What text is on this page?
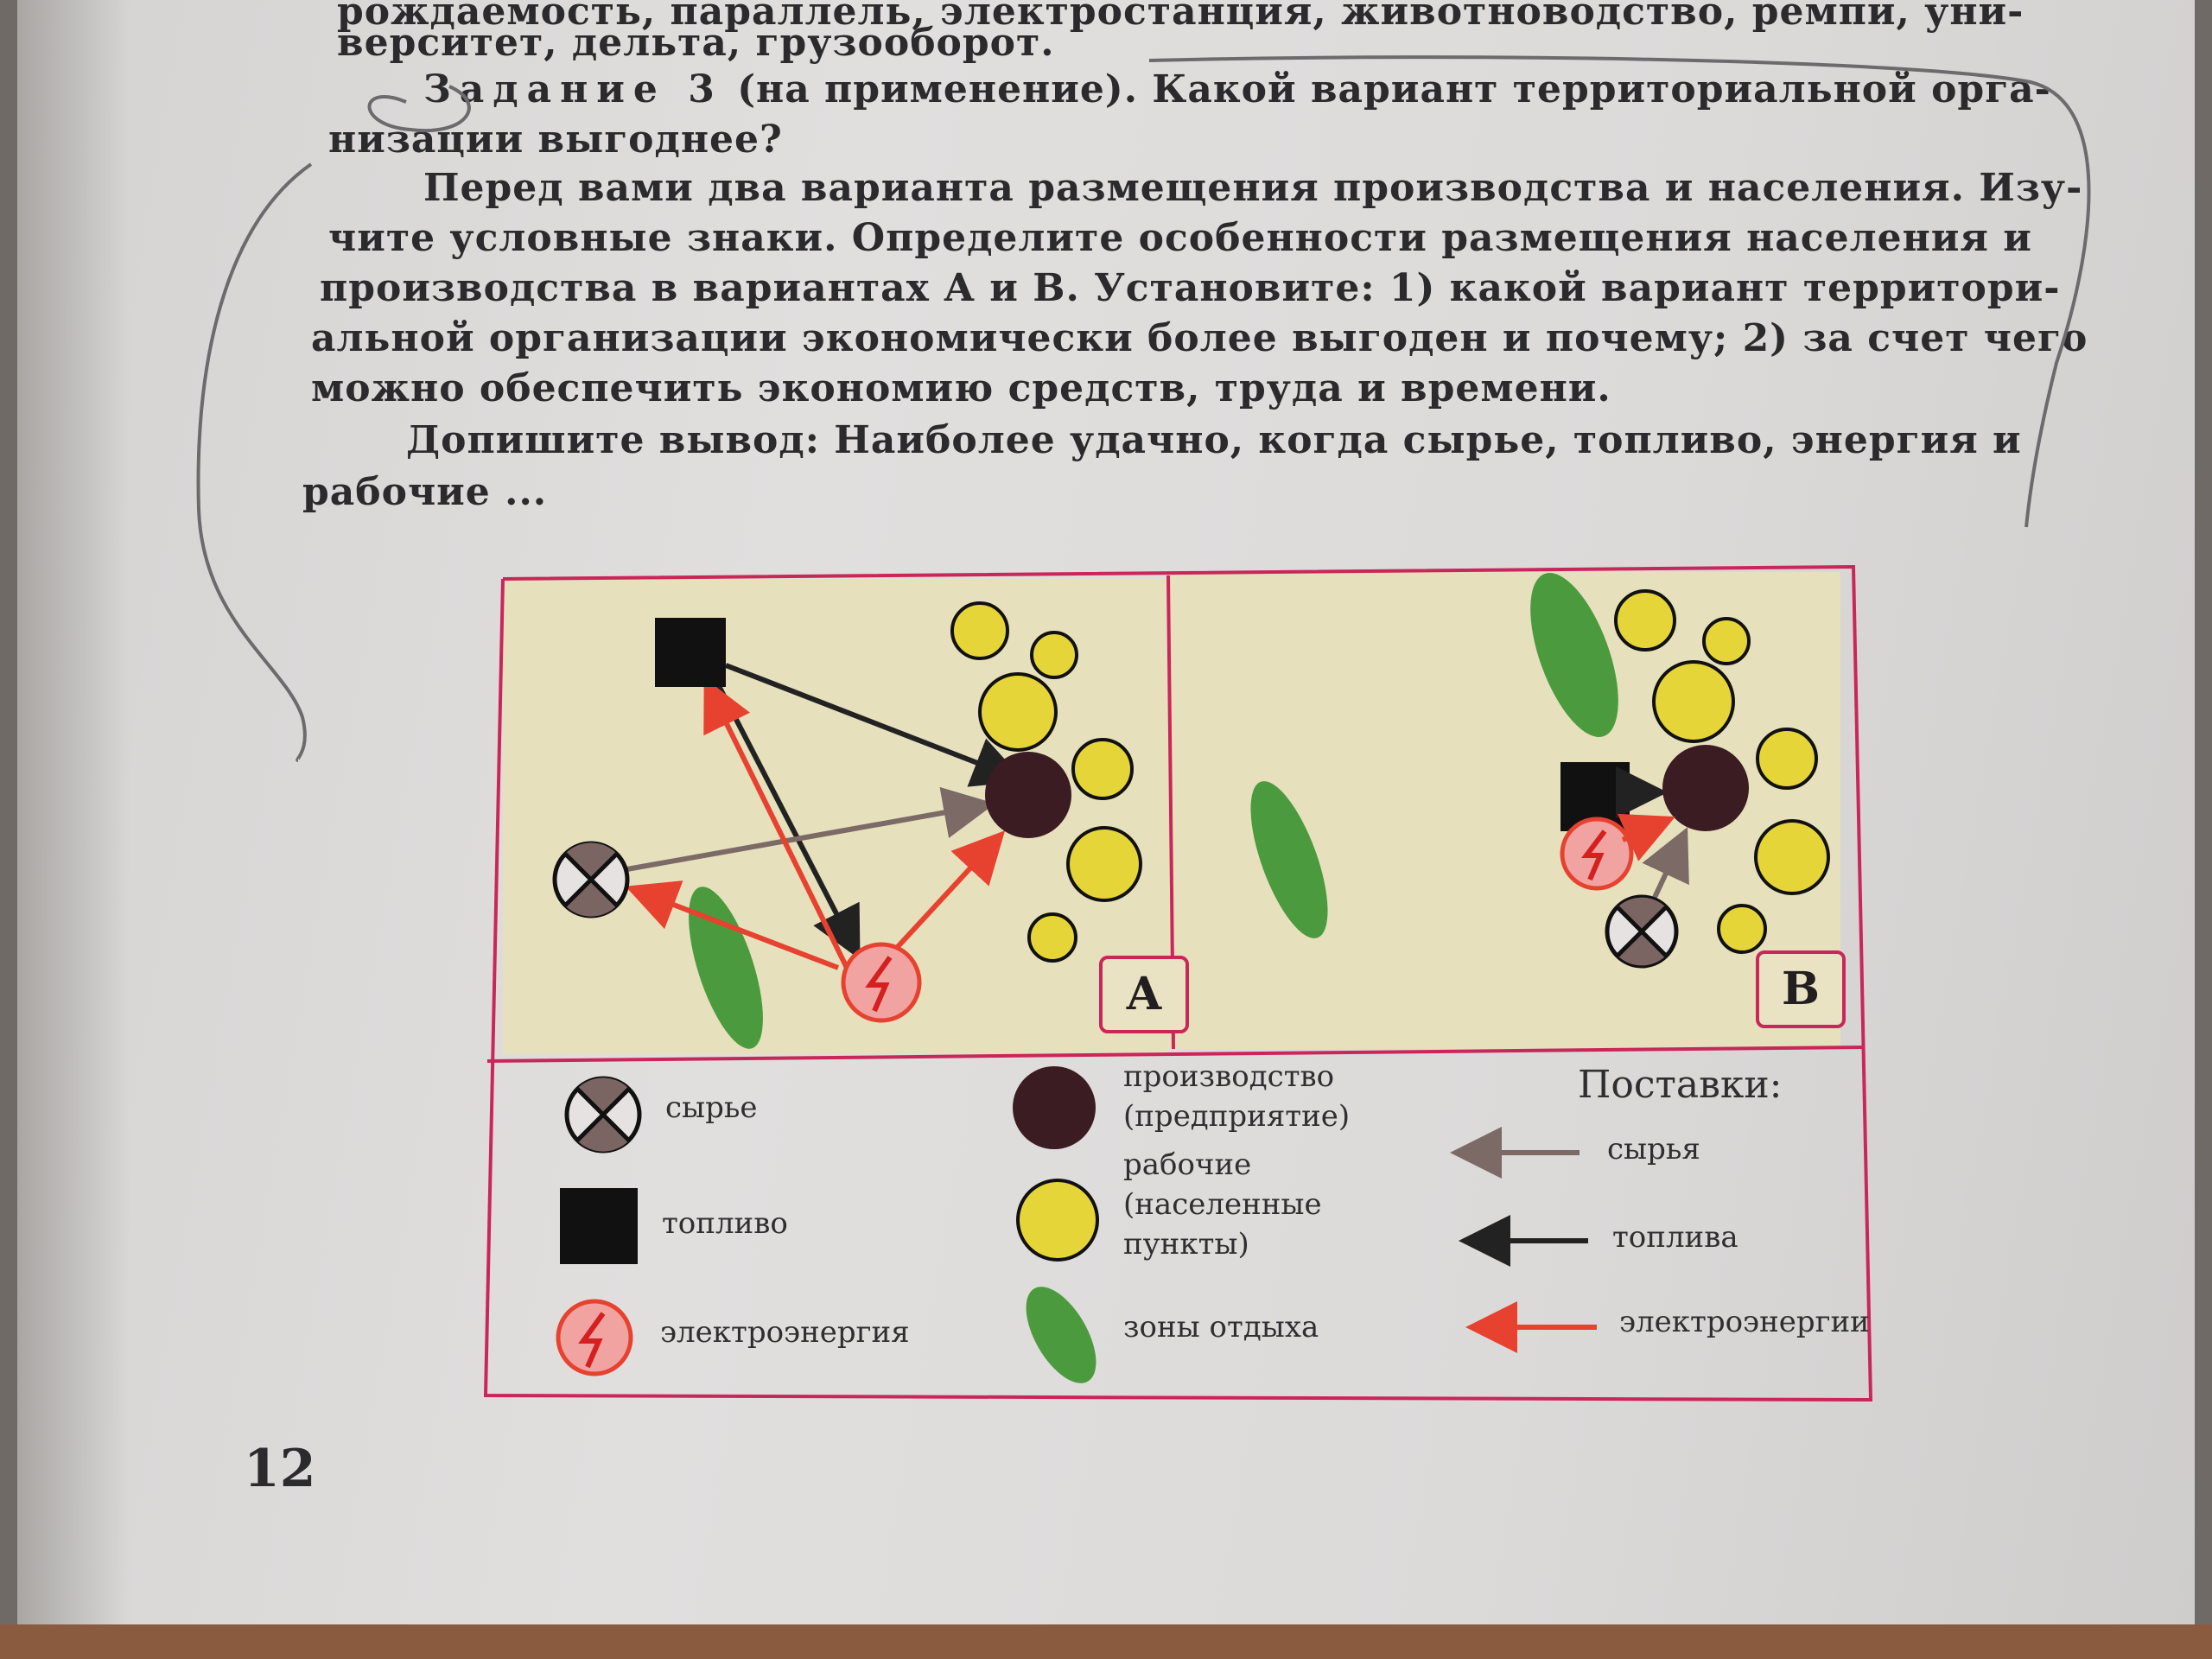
рождаемость, параллель, электростанция, животноводство, ремпи, уни-
верситет, дельта, грузооборот.
Задание 3 (на применение). Какой вариант территориальной орга-
низации выгоднее?
Перед вами два варианта размещения производства и населения. Изу-
чите условные знаки. Определите особенности размещения населения и
производства в вариантах А и В. Установите: 1) какой вариант территори-
альной организации экономически более выгоден и почему; 2) за счет чего
можно обеспечить экономию средств, труда и времени.
Допишите вывод: Наиболее удачно, когда сырье, топливо, энергия и
рабочие ...
А	В
сырье
топливо
электроэнергия
производство
(предприятие)
рабочие
(населенные
пункты)
зоны отдыха
Поставки:
сырья
топлива
электроэнергии
12
